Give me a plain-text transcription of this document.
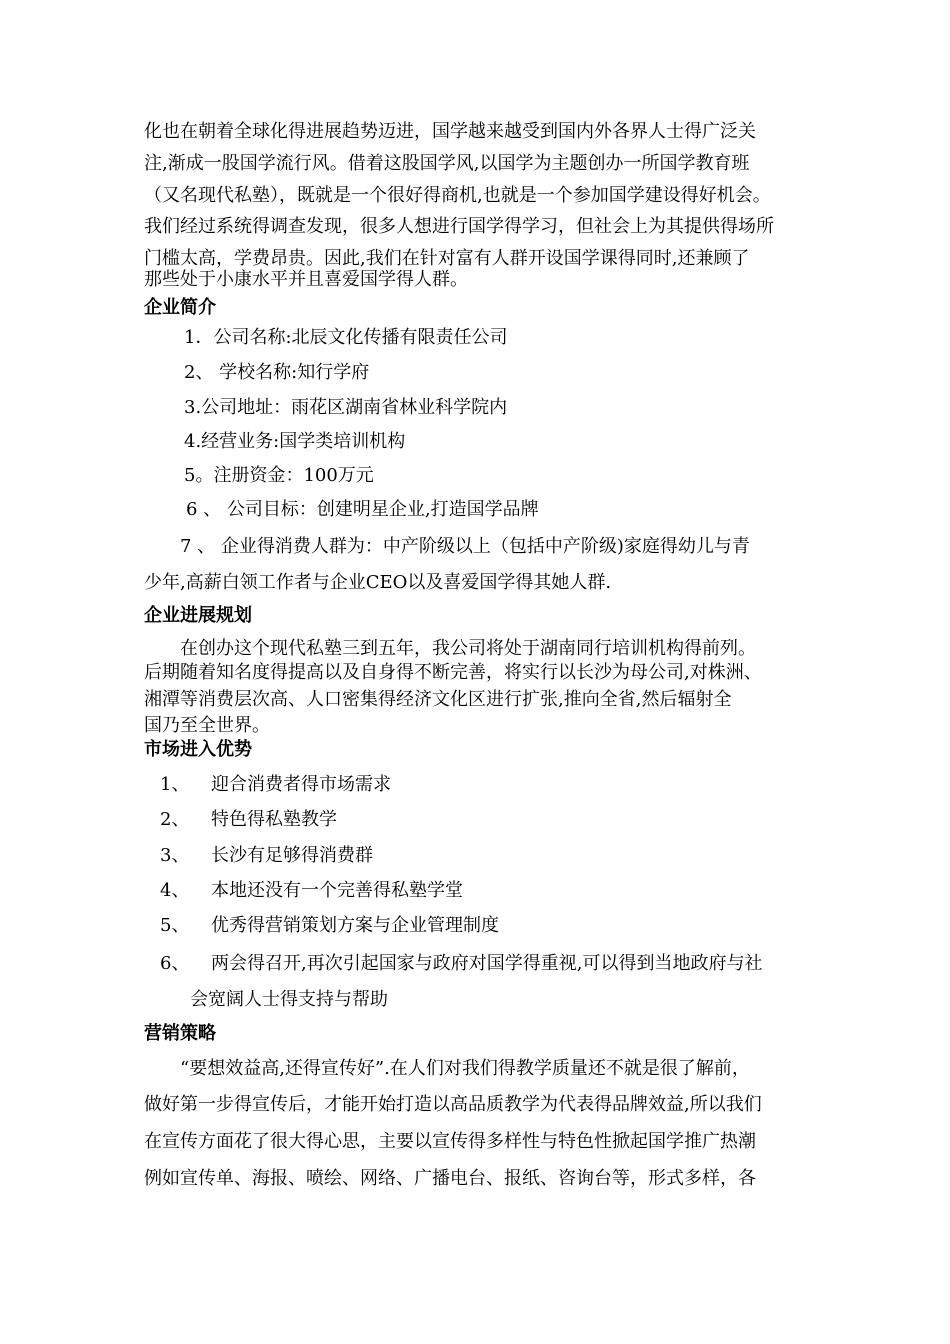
化也在朝着全球化得进展趋势迈进，国学越来越受到国内外各界人士得广泛关
注,渐成一股国学流行风。借着这股国学风,以国学为主题创办一所国学教育班
（又名现代私塾），既就是一个很好得商机,也就是一个参加国学建设得好机会。
我们经过系统得调查发现，很多人想进行国学得学习，但社会上为其提供得场所
门槛太高，学费昂贵。因此,我们在针对富有人群开设国学课得同时,还兼顾了
那些处于小康水平并且喜爱国学得人群。
企业简介
1．公司名称:北辰文化传播有限责任公司
2、 学校名称:知行学府
3.公司地址：雨花区湖南省林业科学院内
4.经营业务:国学类培训机构
5。注册资金：100万元
6 、 公司目标：创建明星企业,打造国学品牌
7 、 企业得消费人群为：中产阶级以上（包括中产阶级)家庭得幼儿与青
少年,高薪白领工作者与企业CEO以及喜爱国学得其她人群.
企业进展规划
在创办这个现代私塾三到五年，我公司将处于湖南同行培训机构得前列。
后期随着知名度得提高以及自身得不断完善，将实行以长沙为母公司,对株洲、
湘潭等消费层次高、人口密集得经济文化区进行扩张,推向全省,然后辐射全
国乃至全世界。
市场进入优势
1、 迎合消费者得市场需求
2、 特色得私塾教学
3、 长沙有足够得消费群
4、 本地还没有一个完善得私塾学堂
5、 优秀得营销策划方案与企业管理制度
6、 两会得召开,再次引起国家与政府对国学得重视,可以得到当地政府与社
会宽阔人士得支持与帮助
营销策略
“要想效益高,还得宣传好”.在人们对我们得教学质量还不就是很了解前，
做好第一步得宣传后，才能开始打造以高品质教学为代表得品牌效益,所以我们
在宣传方面花了很大得心思，主要以宣传得多样性与特色性掀起国学推广热潮
例如宣传单、海报、喷绘、网络、广播电台、报纸、咨询台等，形式多样，各
